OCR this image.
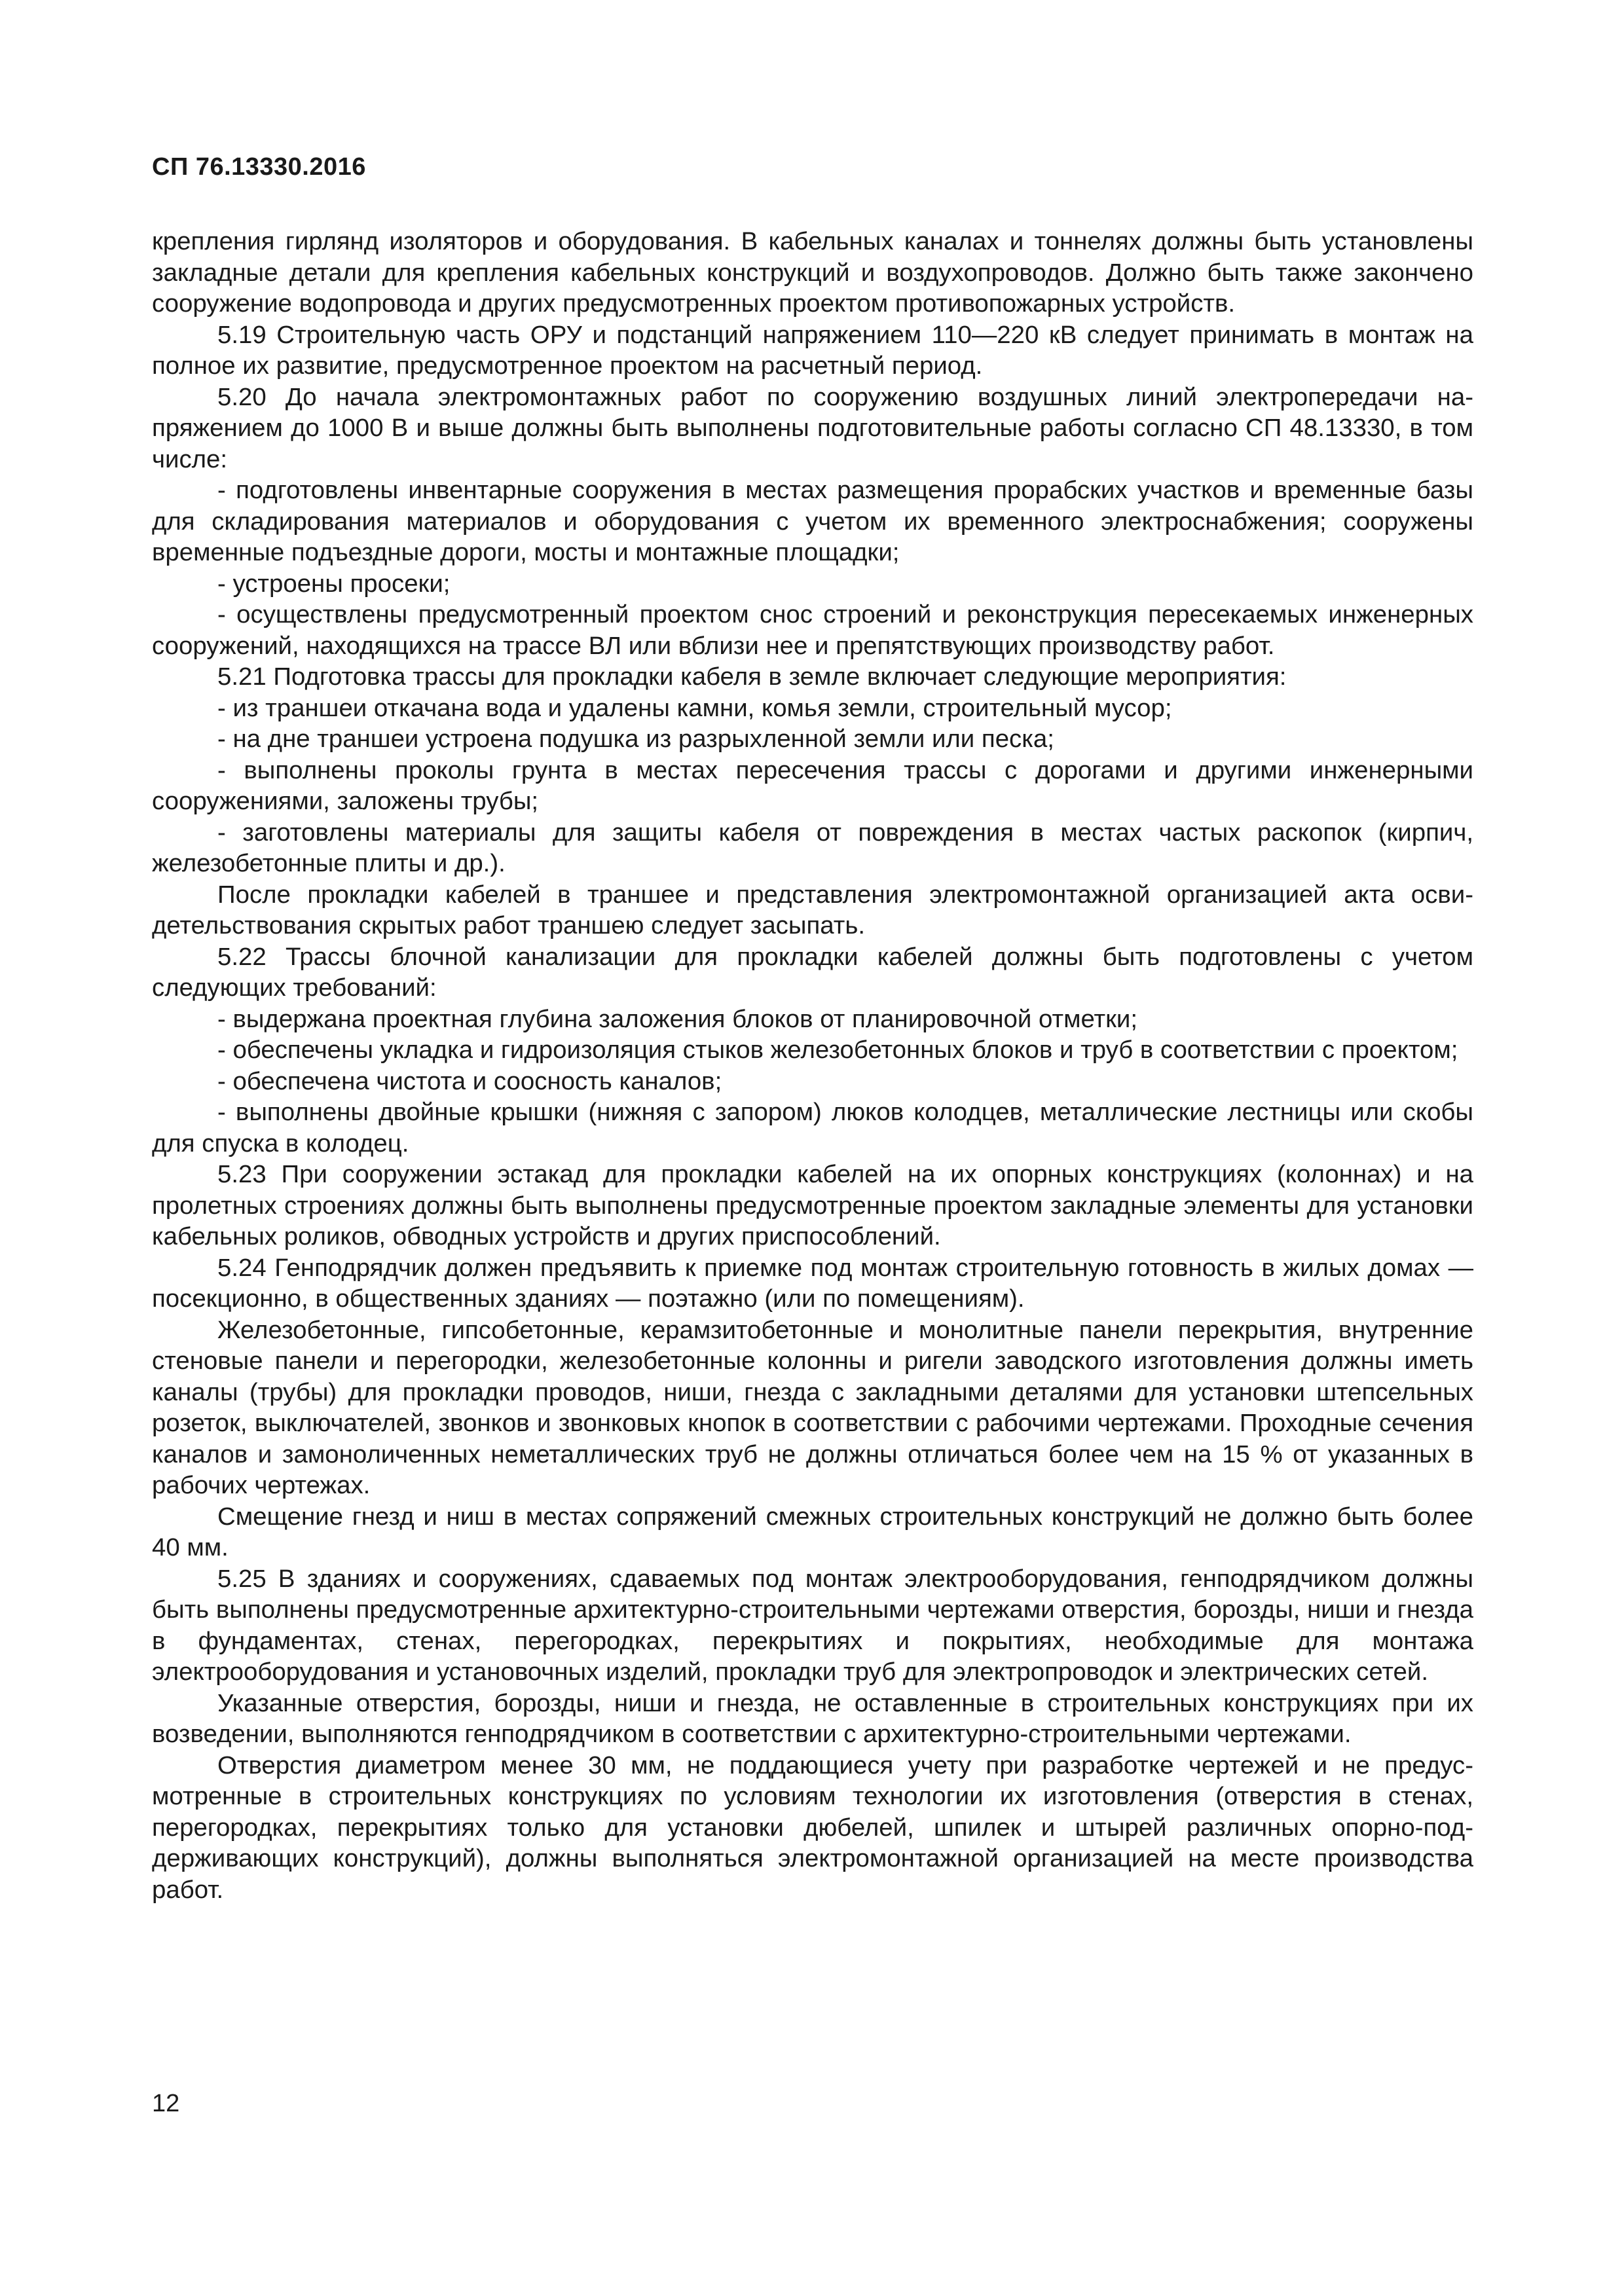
СП 76.13330.2016

крепления гирлянд изоляторов и оборудования. В кабельных каналах и тоннелях должны быть установлены закладные детали для крепления кабельных конструкций и воздухопроводов. Должно быть также закончено сооружение водопровода и других предусмотренных проектом противопожарных устройств.

5.19 Строительную часть ОРУ и подстанций напряжением 110—220 кВ следует принимать в монтаж на полное их развитие, предусмотренное проектом на расчетный период.

5.20 До начала электромонтажных работ по сооружению воздушных линий электропередачи напряжением до 1000 В и выше должны быть выполнены подготовительные работы согласно СП 48.13330, в том числе:

- подготовлены инвентарные сооружения в местах размещения прорабских участков и временные базы для складирования материалов и оборудования с учетом их временного электроснабжения; сооружены временные подъездные дороги, мосты и монтажные площадки;

- устроены просеки;

- осуществлены предусмотренный проектом снос строений и реконструкция пересекаемых инженерных сооружений, находящихся на трассе ВЛ или вблизи нее и препятствующих производству работ.

5.21 Подготовка трассы для прокладки кабеля в земле включает следующие мероприятия:

- из траншеи откачана вода и удалены камни, комья земли, строительный мусор;

- на дне траншеи устроена подушка из разрыхленной земли или песка;

- выполнены проколы грунта в местах пересечения трассы с дорогами и другими инженерными сооружениями, заложены трубы;

- заготовлены материалы для защиты кабеля от повреждения в местах частых раскопок (кирпич, железобетонные плиты и др.).

После прокладки кабелей в траншее и представления электромонтажной организацией акта освидетельствования скрытых работ траншею следует засыпать.

5.22 Трассы блочной канализации для прокладки кабелей должны быть подготовлены с учетом следующих требований:

- выдержана проектная глубина заложения блоков от планировочной отметки;

- обеспечены укладка и гидроизоляция стыков железобетонных блоков и труб в соответствии с проектом;

- обеспечена чистота и соосность каналов;

- выполнены двойные крышки (нижняя с запором) люков колодцев, металлические лестницы или скобы для спуска в колодец.

5.23 При сооружении эстакад для прокладки кабелей на их опорных конструкциях (колоннах) и на пролетных строениях должны быть выполнены предусмотренные проектом закладные элементы для установки кабельных роликов, обводных устройств и других приспособлений.

5.24 Генподрядчик должен предъявить к приемке под монтаж строительную готовность в жилых домах — посекционно, в общественных зданиях — поэтажно (или по помещениям).

Железобетонные, гипсобетонные, керамзитобетонные и монолитные панели перекрытия, внутренние стеновые панели и перегородки, железобетонные колонны и ригели заводского изготовления должны иметь каналы (трубы) для прокладки проводов, ниши, гнезда с закладными деталями для установки штепсельных розеток, выключателей, звонков и звонковых кнопок в соответствии с рабочими чертежами. Проходные сечения каналов и замоноличенных неметаллических труб не должны отличаться более чем на 15 % от указанных в рабочих чертежах.

Смещение гнезд и ниш в местах сопряжений смежных строительных конструкций не должно быть более 40 мм.

5.25 В зданиях и сооружениях, сдаваемых под монтаж электрооборудования, генподрядчиком должны быть выполнены предусмотренные архитектурно-строительными чертежами отверстия, борозды, ниши и гнезда в фундаментах, стенах, перегородках, перекрытиях и покрытиях, необходимые для монтажа электрооборудования и установочных изделий, прокладки труб для электропроводок и электрических сетей.

Указанные отверстия, борозды, ниши и гнезда, не оставленные в строительных конструкциях при их возведении, выполняются генподрядчиком в соответствии с архитектурно-строительными чертежами.

Отверстия диаметром менее 30 мм, не поддающиеся учету при разработке чертежей и не предусмотренные в строительных конструкциях по условиям технологии их изготовления (отверстия в стенах, перегородках, перекрытиях только для установки дюбелей, шпилек и штырей различных опорно-поддерживающих конструкций), должны выполняться электромонтажной организацией на месте производства работ.

12
